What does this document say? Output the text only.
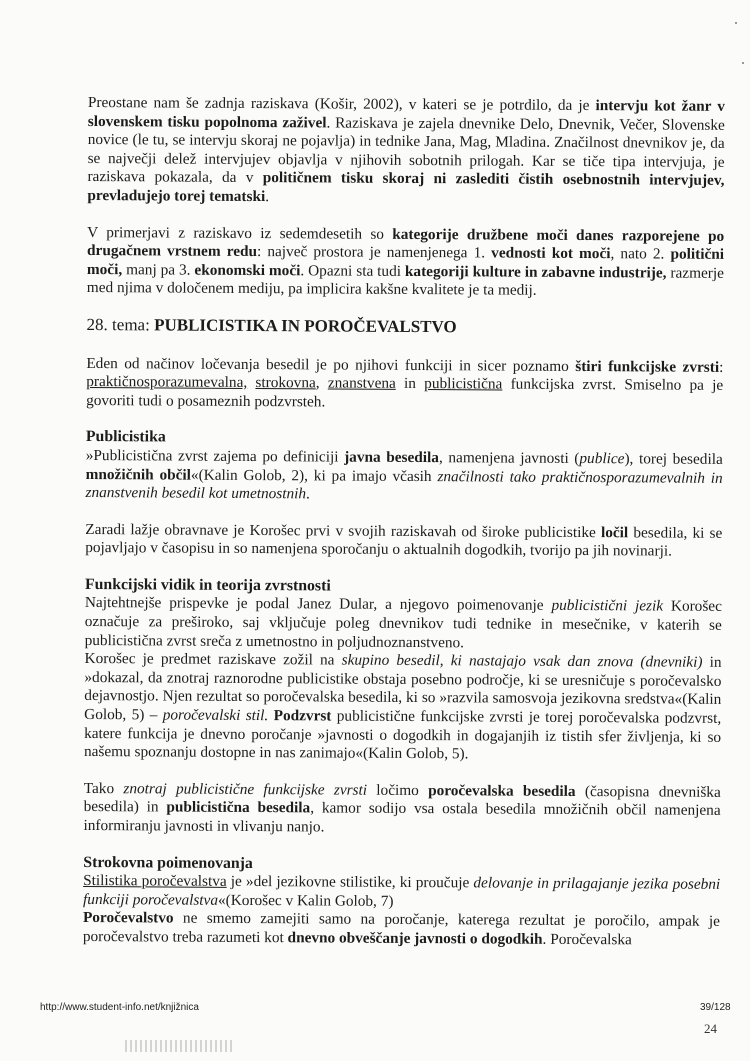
Preostane nam še zadnja raziskava (Košir, 2002), v kateri se je potrdilo, da je intervju kot žanr v slovenskem tisku popolnoma zaživel. Raziskava je zajela dnevnike Delo, Dnevnik, Večer, Slovenske novice (le tu, se intervju skoraj ne pojavlja) in tednike Jana, Mag, Mladina. Značilnost dnevnikov je, da se največji delež intervjujev objavlja v njihovih sobotnih prilogah. Kar se tiče tipa intervjuja, je raziskava pokazala, da v političnem tisku skoraj ni zaslediti čistih osebnostnih intervjujev, prevladujejo torej tematski.

V primerjavi z raziskavo iz sedemdesetih so kategorije družbene moči danes razporejene po drugačnem vrstnem redu: največ prostora je namenjenega 1. vednosti kot moči, nato 2. politični moči, manj pa 3. ekonomski moči. Opazni sta tudi kategoriji kulture in zabavne industrije, razmerje med njima v določenem mediju, pa implicira kakšne kvalitete je ta medij.

28. tema: PUBLICISTIKA IN POROČEVALSTVO

Eden od načinov ločevanja besedil je po njihovi funkciji in sicer poznamo štiri funkcijske zvrsti: praktičnosporazumevalna, strokovna, znanstvena in publicistična funkcijska zvrst. Smiselno pa je govoriti tudi o posameznih podzvrsteh.

Publicistika

»Publicistična zvrst zajema po definiciji javna besedila, namenjena javnosti (publice), torej besedila množičnih občil«(Kalin Golob, 2), ki pa imajo včasih značilnosti tako praktičnosporazumevalnih in znanstvenih besedil kot umetnostnih.

Zaradi lažje obravnave je Korošec prvi v svojih raziskavah od široke publicistike ločil besedila, ki se pojavljajo v časopisu in so namenjena sporočanju o aktualnih dogodkih, tvorijo pa jih novinarji.

Funkcijski vidik in teorija zvrstnosti

Najtehtnejše prispevke je podal Janez Dular, a njegovo poimenovanje publicistični jezik Korošec označuje za preširoko, saj vključuje poleg dnevnikov tudi tednike in mesečnike, v katerih se publicistična zvrst sreča z umetnostno in poljudnoznanstveno.

Korošec je predmet raziskave zožil na skupino besedil, ki nastajajo vsak dan znova (dnevniki) in »dokazal, da znotraj raznorodne publicistike obstaja posebno področje, ki se uresničuje s poročevalsko dejavnostjo. Njen rezultat so poročevalska besedila, ki so »razvila samosvoja jezikovna sredstva«(Kalin Golob, 5) – poročevalski stil. Podzvrst publicistične funkcijske zvrsti je torej poročevalska podzvrst, katere funkcija je dnevno poročanje »javnosti o dogodkih in dogajanjih iz tistih sfer življenja, ki so našemu spoznanju dostopne in nas zanimajo«(Kalin Golob, 5).

Tako znotraj publicistične funkcijske zvrsti ločimo poročevalska besedila (časopisna dnevniška besedila) in publicistična besedila, kamor sodijo vsa ostala besedila množičnih občil namenjena informiranju javnosti in vlivanju nanjo.

Strokovna poimenovanja

Stilistika poročevalstva je »del jezikovne stilistike, ki proučuje delovanje in prilagajanje jezika posebni funkciji poročevalstva«(Korošec v Kalin Golob, 7)

Poročevalstvo ne smemo zamejiti samo na poročanje, katerega rezultat je poročilo, ampak je poročevalstvo treba razumeti kot dnevno obveščanje javnosti o dogodkih. Poročevalska

http://www.student-info.net/knjižnica	39/128
24
